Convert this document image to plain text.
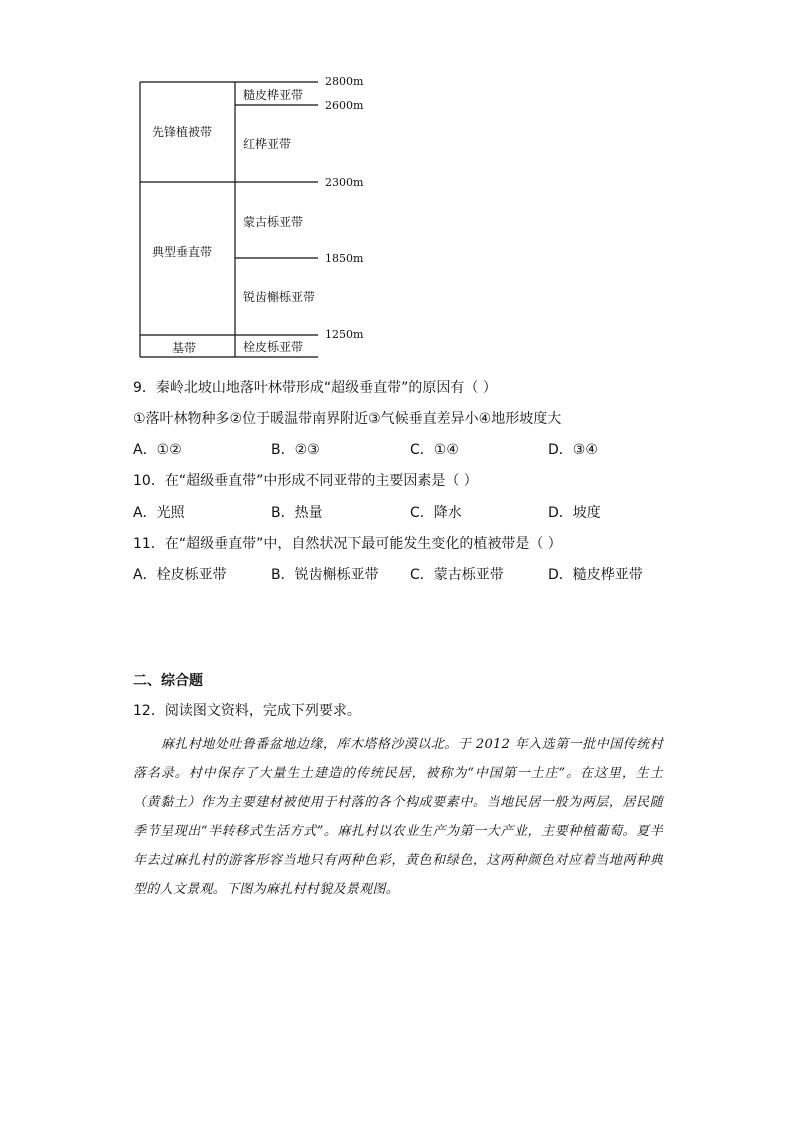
先锋植被带
典型垂直带
基带
糙皮桦亚带
红桦亚带
蒙古栎亚带
锐齿槲栎亚带
栓皮栎亚带
2800m
2600m
2300m
1850m
1250m
9．秦岭北坡山地落叶林带形成“超级垂直带”的原因有（ ）
①落叶林物种多②位于暖温带南界附近③气候垂直差异小④地形坡度大
A．①②	B．②③	C．①④	D．③④
10．在“超级垂直带”中形成不同亚带的主要因素是（ ）
A．光照	B．热量	C．降水	D．坡度
11．在“超级垂直带”中，自然状况下最可能发生变化的植被带是（ ）
A．栓皮栎亚带	B．锐齿槲栎亚带 C．蒙古栎亚带	D．糙皮桦亚带
二、综合题
12．阅读图文资料，完成下列要求。
麻扎村地处吐鲁番盆地边缘，库木塔格沙漠以北。于 2012 年入选第一批中国传统村落名录。村中保存了大量生土建造的传统民居，被称为“中国第一土庄”。在这里，生土（黄黏土）作为主要建材被使用于村落的各个构成要素中。当地民居一般为两层，居民随季节呈现出“半转移式生活方式”。麻扎村以农业生产为第一大产业，主要种植葡萄。夏半年去过麻扎村的游客形容当地只有两种色彩，黄色和绿色，这两种颜色对应着当地两种典型的人文景观。下图为麻扎村村貌及景观图。
